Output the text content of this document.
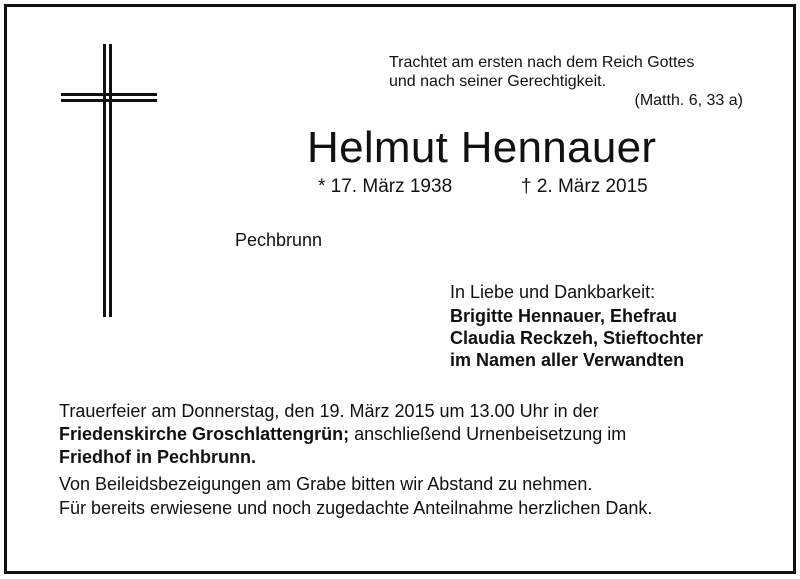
Trachtet am ersten nach dem Reich Gottes
und nach seiner Gerechtigkeit.
(Matth. 6, 33 a)
Helmut Hennauer
* 17. März 1938	† 2. März 2015
Pechbrunn
In Liebe und Dankbarkeit:
Brigitte Hennauer, Ehefrau
Claudia Reckzeh, Stieftochter
im Namen aller Verwandten
Trauerfeier am Donnerstag, den 19. März 2015 um 13.00 Uhr in der
Friedenskirche Groschlattengrün; anschließend Urnenbeisetzung im
Friedhof in Pechbrunn.
Von Beileidsbezeigungen am Grabe bitten wir Abstand zu nehmen.
Für bereits erwiesene und noch zugedachte Anteilnahme herzlichen Dank.
